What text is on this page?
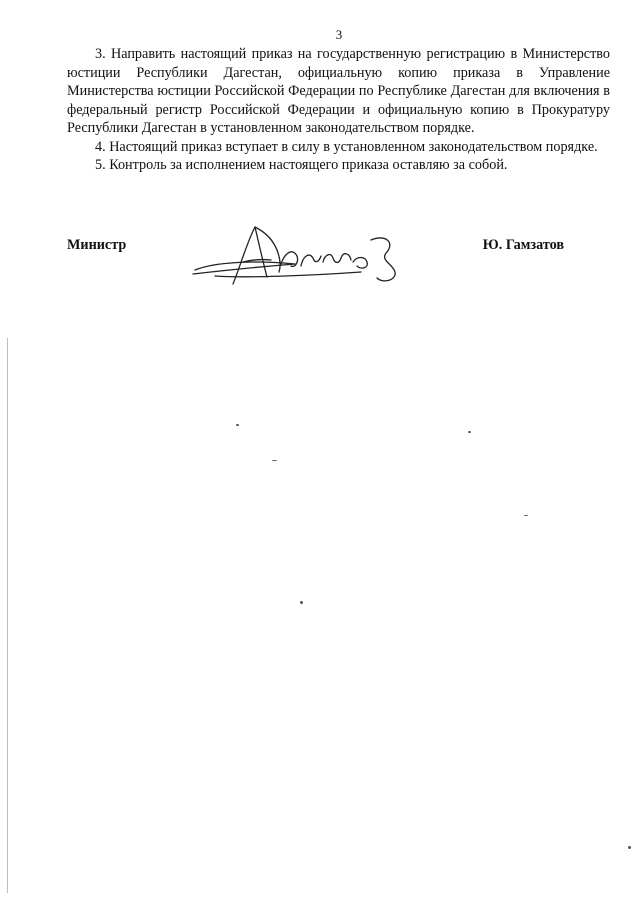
3

3. Направить настоящий приказ на государственную регистрацию в Министерство юстиции Республики Дагестан, официальную копию приказа в Управление Министерства юстиции Российской Федерации по Республике Дагестан для включения в федеральный регистр Российской Федерации и официальную копию в Прокуратуру Республики Дагестан в установленном законодательством порядке.

4. Настоящий приказ вступает в силу в установленном законодательством порядке.

5. Контроль за исполнением настоящего приказа оставляю за собой.

Министр	Ю. Гамзатов
